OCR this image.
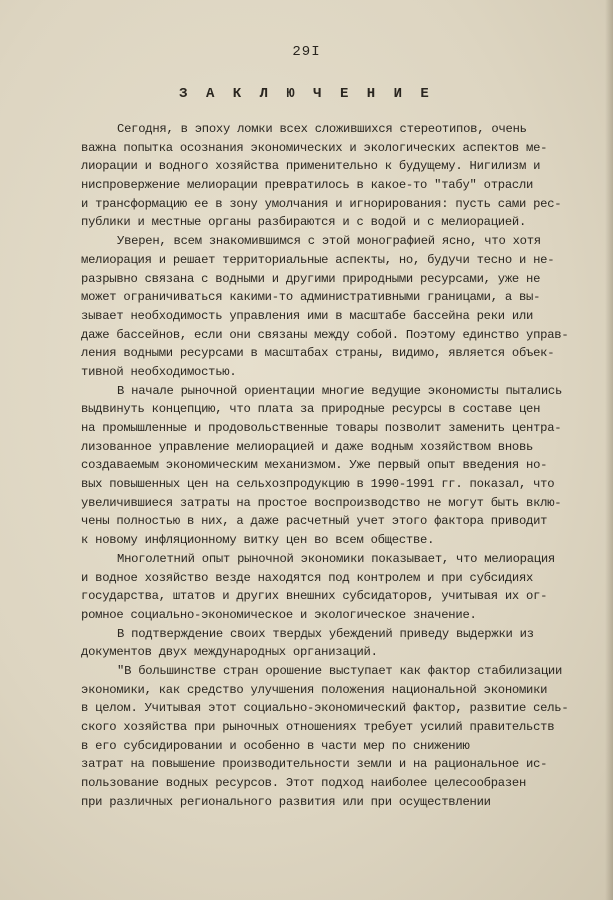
29I
З А К Л Ю Ч Е Н И Е
Сегодня, в эпоху ломки всех сложившихся стереотипов, очень
важна попытка осознания экономических и экологических аспектов ме-
лиорации и водного хозяйства применительно к будущему. Нигилизм и
ниспровержение мелиорации превратилось в какое-то "табу" отрасли
и трансформацию ее в зону умолчания и игнорирования: пусть сами рес-
публики и местные органы разбираются и с водой и с мелиорацией.
Уверен, всем знакомившимся с этой монографией ясно, что хотя
мелиорация и решает территориальные аспекты, но, будучи тесно и не-
разрывно связана с водными и другими природными ресурсами, уже не
может ограничиваться какими-то административными границами, а вы-
зывает необходимость управления ими в масштабе бассейна реки или
даже бассейнов, если они связаны между собой. Поэтому единство управ-
ления водными ресурсами в масштабах страны, видимо, является объек-
тивной необходимостью.
В начале рыночной ориентации многие ведущие экономисты пытались
выдвинуть концепцию, что плата за природные ресурсы в составе цен
на промышленные и продовольственные товары позволит заменить центра-
лизованное управление мелиорацией и даже водным хозяйством вновь
создаваемым экономическим механизмом. Уже первый опыт введения но-
вых повышенных цен на сельхозпродукцию в 1990-1991 гг. показал, что
увеличившиеся затраты на простое воспроизводство не могут быть вклю-
чены полностью в них, а даже расчетный учет этого фактора приводит
к новому инфляционному витку цен во всем обществе.
Многолетний опыт рыночной экономики показывает, что мелиорация
и водное хозяйство везде находятся под контролем и при субсидиях
государства, штатов и других внешних субсидаторов, учитывая их ог-
ромное социально-экономическое и экологическое значение.
В подтверждение своих твердых убеждений приведу выдержки из
документов двух международных организаций.
"В большинстве стран орошение выступает как фактор стабилизации
экономики, как средство улучшения положения национальной экономики
в целом. Учитывая этот социально-экономический фактор, развитие сель-
ского хозяйства при рыночных отношениях требует усилий правительств
в его субсидировании и особенно в части мер по снижению
затрат на повышение производительности земли и на рациональное ис-
пользование водных ресурсов. Этот подход наиболее целесообразен
при различных регионального развития или при осуществлении
